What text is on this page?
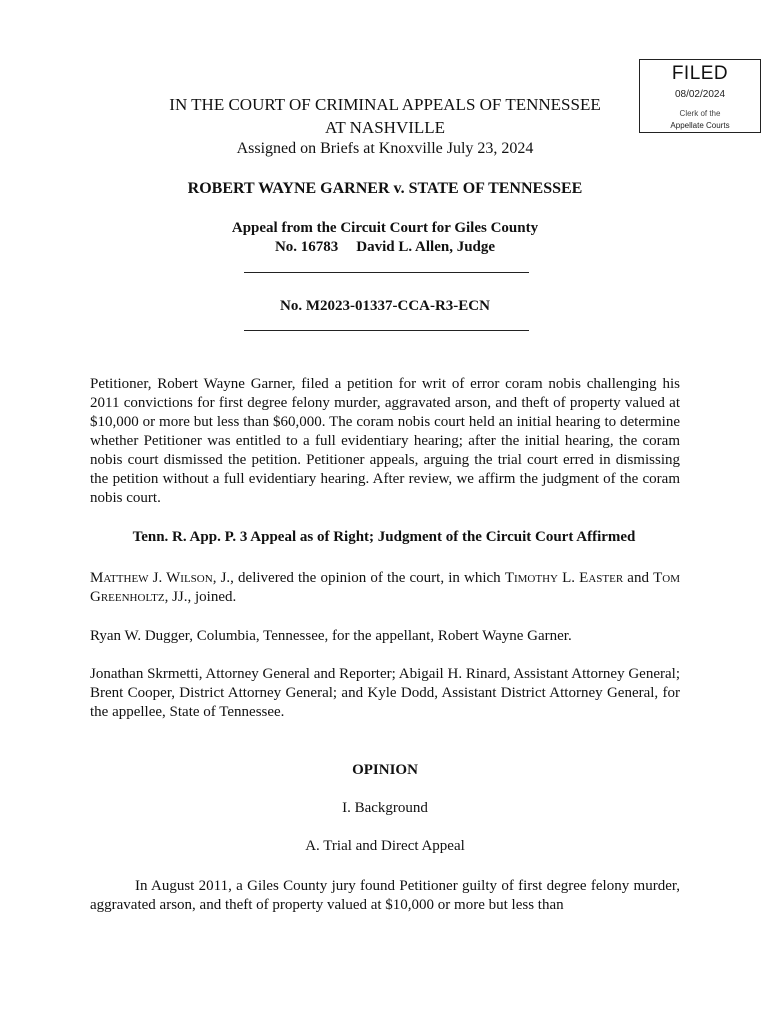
FILED
08/02/2024
Clerk of the
Appellate Courts
IN THE COURT OF CRIMINAL APPEALS OF TENNESSEE
AT NASHVILLE
Assigned on Briefs at Knoxville July 23, 2024
ROBERT WAYNE GARNER v. STATE OF TENNESSEE
Appeal from the Circuit Court for Giles County
No. 16783 David L. Allen, Judge
No. M2023-01337-CCA-R3-ECN
Petitioner, Robert Wayne Garner, filed a petition for writ of error coram nobis challenging his 2011 convictions for first degree felony murder, aggravated arson, and theft of property valued at $10,000 or more but less than $60,000. The coram nobis court held an initial hearing to determine whether Petitioner was entitled to a full evidentiary hearing; after the initial hearing, the coram nobis court dismissed the petition. Petitioner appeals, arguing the trial court erred in dismissing the petition without a full evidentiary hearing. After review, we affirm the judgment of the coram nobis court.
Tenn. R. App. P. 3 Appeal as of Right; Judgment of the Circuit Court Affirmed
Matthew J. Wilson, J., delivered the opinion of the court, in which Timothy L. Easter and Tom Greenholtz, JJ., joined.
Ryan W. Dugger, Columbia, Tennessee, for the appellant, Robert Wayne Garner.
Jonathan Skrmetti, Attorney General and Reporter; Abigail H. Rinard, Assistant Attorney General; Brent Cooper, District Attorney General; and Kyle Dodd, Assistant District Attorney General, for the appellee, State of Tennessee.
OPINION
I. Background
A. Trial and Direct Appeal
In August 2011, a Giles County jury found Petitioner guilty of first degree felony murder, aggravated arson, and theft of property valued at $10,000 or more but less than
